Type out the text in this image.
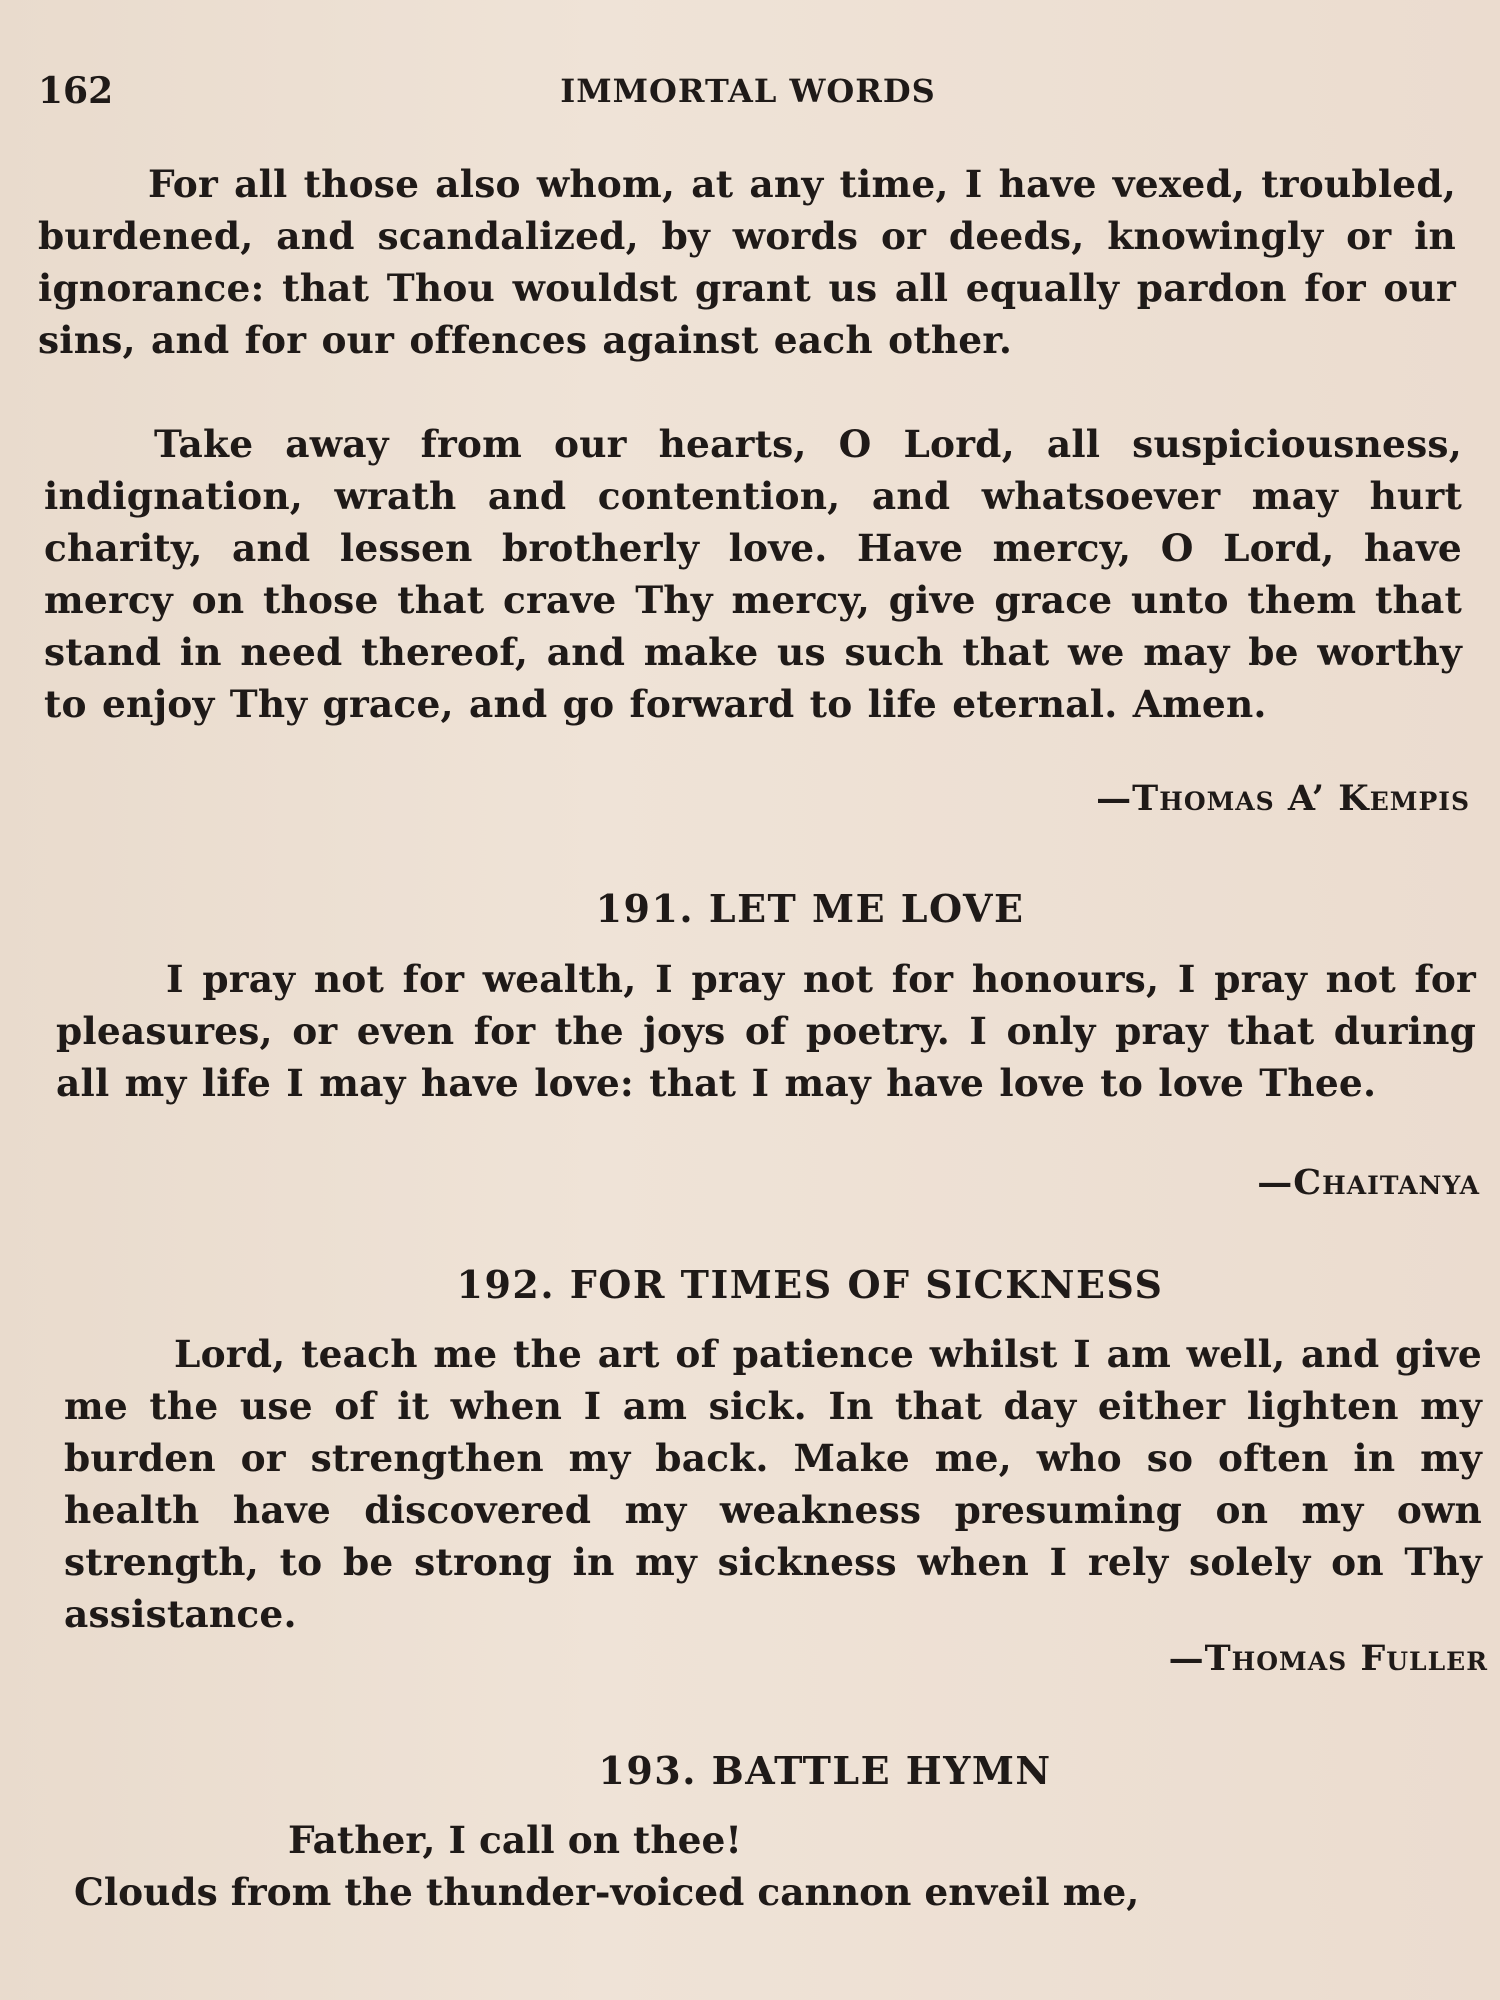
162	IMMORTAL WORDS
For all those also whom, at any time, I have vexed, troubled, burdened, and scandalized, by words or deeds, knowingly or in ignorance: that Thou wouldst grant us all equally pardon for our sins, and for our offences against each other.
Take away from our hearts, O Lord, all suspiciousness, indignation, wrath and contention, and whatsoever may hurt charity, and lessen brotherly love. Have mercy, O Lord, have mercy on those that crave Thy mercy, give grace unto them that stand in need thereof, and make us such that we may be worthy to enjoy Thy grace, and go forward to life eternal. Amen.
—Thomas A’ Kempis
191. LET ME LOVE
I pray not for wealth, I pray not for honours, I pray not for pleasures, or even for the joys of poetry. I only pray that during all my life I may have love: that I may have love to love Thee.
—Chaitanya
192. FOR TIMES OF SICKNESS
Lord, teach me the art of patience whilst I am well, and give me the use of it when I am sick. In that day either lighten my burden or strengthen my back. Make me, who so often in my health have discovered my weakness presuming on my own strength, to be strong in my sickness when I rely solely on Thy assistance.
—Thomas Fuller
193. BATTLE HYMN
Father, I call on thee!
Clouds from the thunder-voiced cannon enveil me,
